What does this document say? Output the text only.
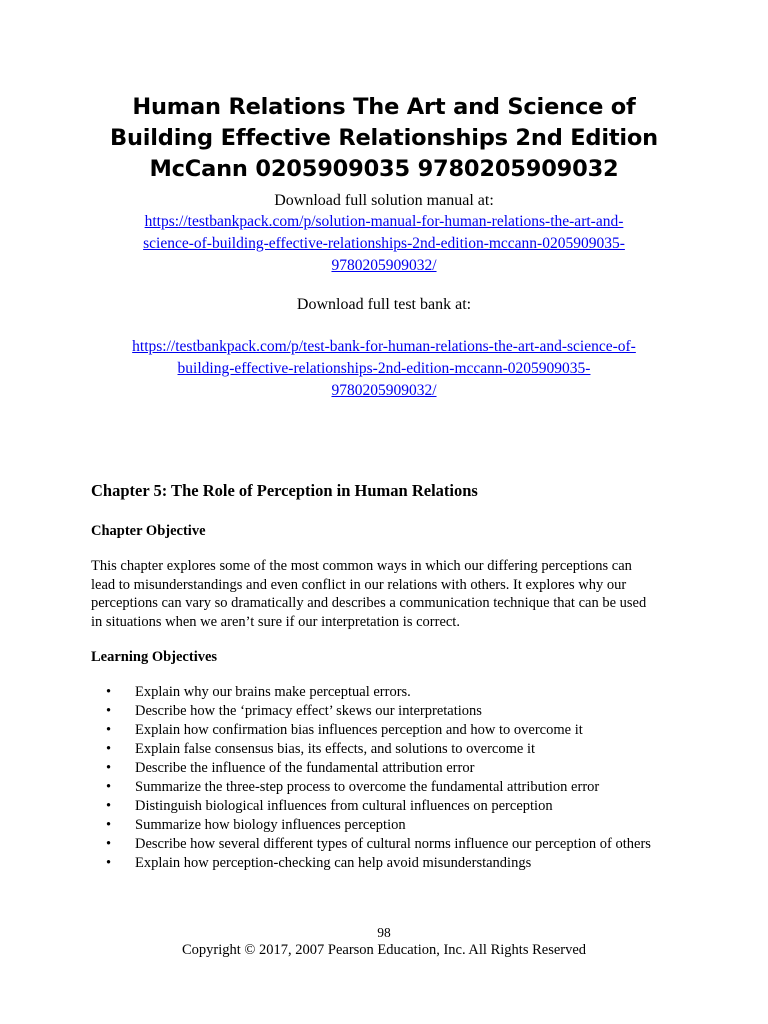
Human Relations The Art and Science of
Building Effective Relationships 2nd Edition
McCann 0205909035 9780205909032
Download full solution manual at:
https://testbankpack.com/p/solution-manual-for-human-relations-the-art-and-
science-of-building-effective-relationships-2nd-edition-mccann-0205909035-
9780205909032/
Download full test bank at:
https://testbankpack.com/p/test-bank-for-human-relations-the-art-and-science-of-
building-effective-relationships-2nd-edition-mccann-0205909035-
9780205909032/
Chapter 5: The Role of Perception in Human Relations
Chapter Objective
This chapter explores some of the most common ways in which our differing perceptions can
lead to misunderstandings and even conflict in our relations with others. It explores why our
perceptions can vary so dramatically and describes a communication technique that can be used
in situations when we aren’t sure if our interpretation is correct.
Learning Objectives
• Explain why our brains make perceptual errors.
• Describe how the ‘primacy effect’ skews our interpretations
• Explain how confirmation bias influences perception and how to overcome it
• Explain false consensus bias, its effects, and solutions to overcome it
• Describe the influence of the fundamental attribution error
• Summarize the three-step process to overcome the fundamental attribution error
• Distinguish biological influences from cultural influences on perception
• Summarize how biology influences perception
• Describe how several different types of cultural norms influence our perception of others
• Explain how perception-checking can help avoid misunderstandings
98
Copyright © 2017, 2007 Pearson Education, Inc. All Rights Reserved
